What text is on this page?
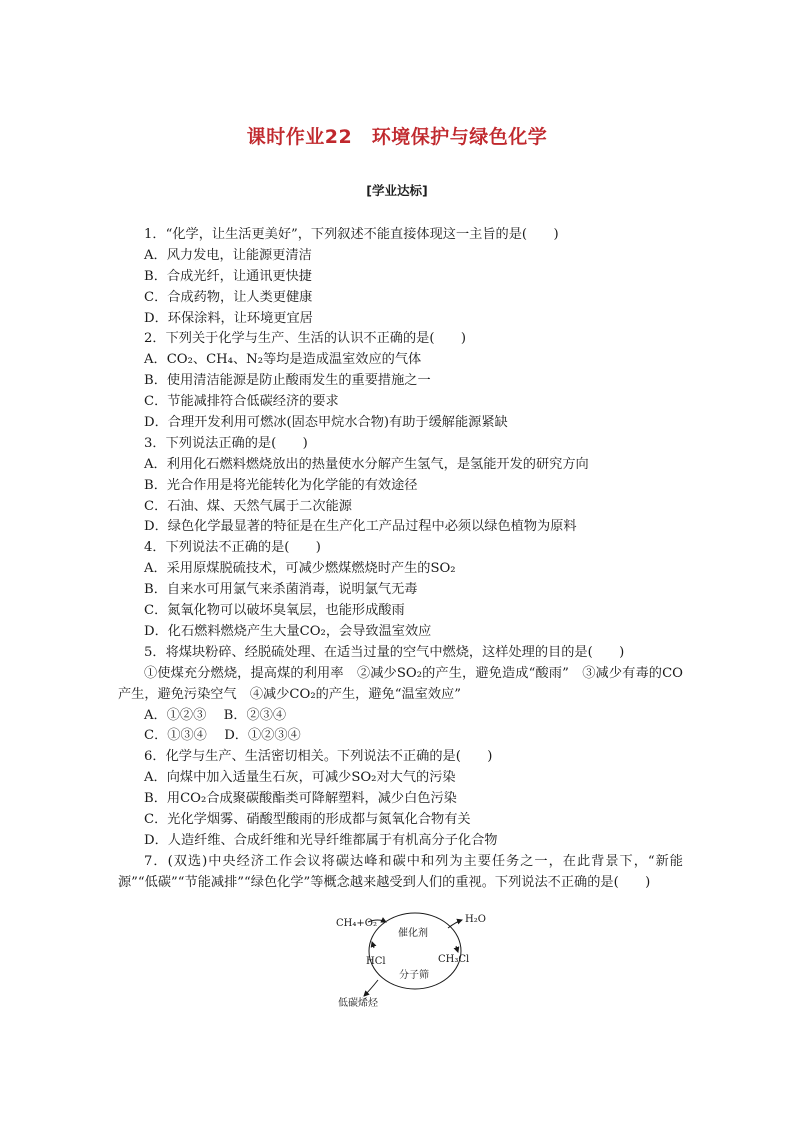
课时作业22　环境保护与绿色化学
[学业达标]
1．“化学，让生活更美好”，下列叙述不能直接体现这一主旨的是(　　)
A．风力发电，让能源更清洁
B．合成光纤，让通讯更快捷
C．合成药物，让人类更健康
D．环保涂料，让环境更宜居
2．下列关于化学与生产、生活的认识不正确的是(　　)
A．CO₂、CH₄、N₂等均是造成温室效应的气体
B．使用清洁能源是防止酸雨发生的重要措施之一
C．节能减排符合低碳经济的要求
D．合理开发利用可燃冰(固态甲烷水合物)有助于缓解能源紧缺
3．下列说法正确的是(　　)
A．利用化石燃料燃烧放出的热量使水分解产生氢气，是氢能开发的研究方向
B．光合作用是将光能转化为化学能的有效途径
C．石油、煤、天然气属于二次能源
D．绿色化学最显著的特征是在生产化工产品过程中必须以绿色植物为原料
4．下列说法不正确的是(　　)
A．采用原煤脱硫技术，可减少燃煤燃烧时产生的SO₂
B．自来水可用氯气来杀菌消毒，说明氯气无毒
C．氮氧化物可以破坏臭氧层，也能形成酸雨
D．化石燃料燃烧产生大量CO₂，会导致温室效应
5．将煤块粉碎、经脱硫处理、在适当过量的空气中燃烧，这样处理的目的是(　　)
①使煤充分燃烧，提高煤的利用率　②减少SO₂的产生，避免造成“酸雨”　③减少有毒的CO产生，避免污染空气　④减少CO₂的产生，避免“温室效应”
A．①②③　 B．②③④
C．①③④　 D．①②③④
6．化学与生产、生活密切相关。下列说法不正确的是(　　)
A．向煤中加入适量生石灰，可减少SO₂对大气的污染
B．用CO₂合成聚碳酸酯类可降解塑料，减少白色污染
C．光化学烟雾、硝酸型酸雨的形成都与氮氧化合物有关
D．人造纤维、合成纤维和光导纤维都属于有机高分子化合物
7．(双选)中央经济工作会议将碳达峰和碳中和列为主要任务之一，在此背景下，“新能源”“低碳”“节能减排”“绿色化学”等概念越来越受到人们的重视。下列说法不正确的是(　　)
CH₄+O₂
催化剂
H₂O
CH₃Cl
HCl
分子筛
低碳烯烃
